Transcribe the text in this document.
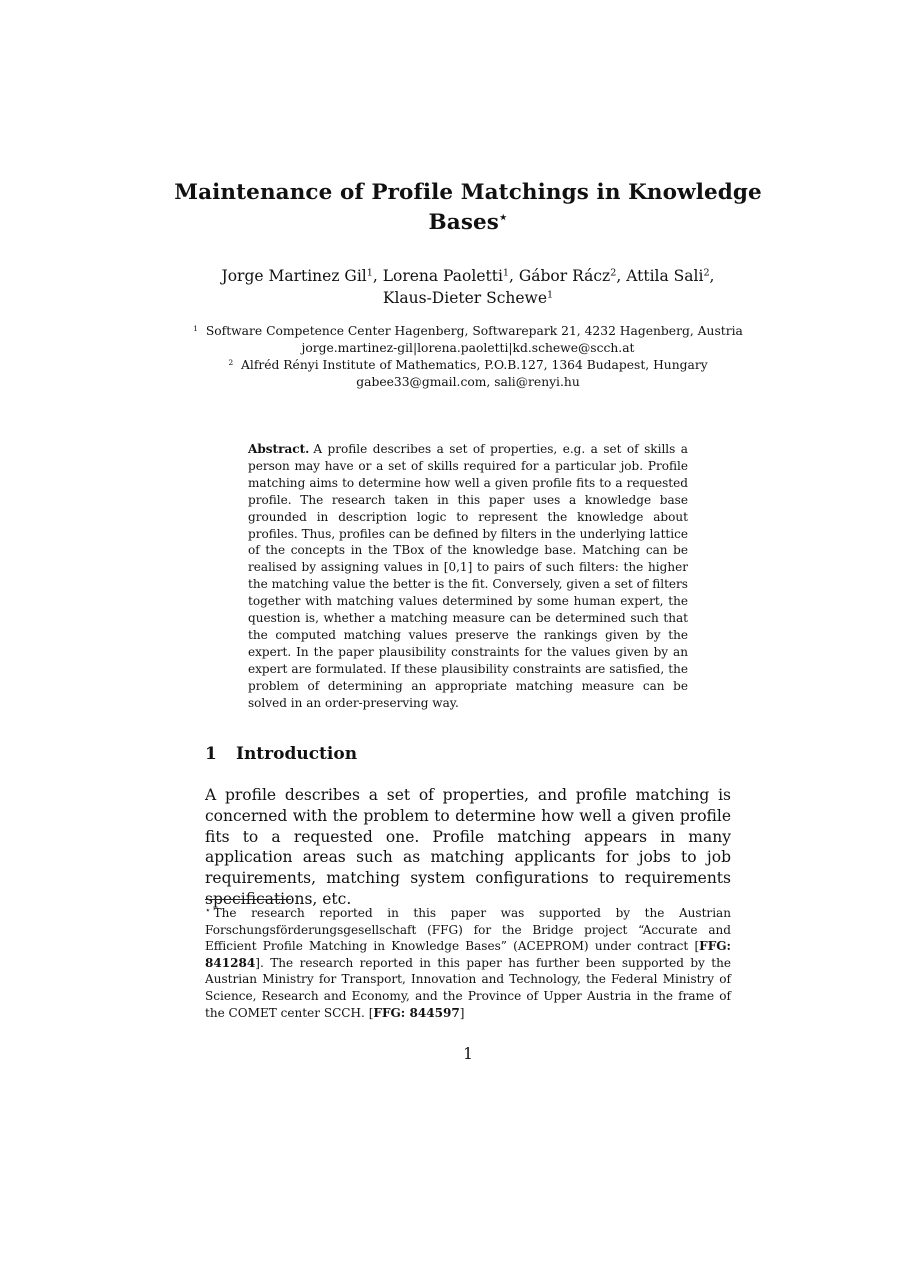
Maintenance of Profile Matchings in Knowledge Bases⋆
Jorge Martinez Gil$^1$, Lorena Paoletti$^1$, Gábor Rácz$^2$, Attila Sali$^2$,
Klaus-Dieter Schewe$^1$
$^1$ Software Competence Center Hagenberg, Softwarepark 21, 4232 Hagenberg, Austria
jorge.martinez-gil|lorena.paoletti|kd.schewe@scch.at
$^2$ Alfréd Rényi Institute of Mathematics, P.O.B.127, 1364 Budapest, Hungary
gabee33@gmail.com, sali@renyi.hu
Abstract. A profile describes a set of properties, e.g. a set of skills a person may have or a set of skills required for a particular job. Profile matching aims to determine how well a given profile fits to a requested profile. The research taken in this paper uses a knowledge base grounded in description logic to represent the knowledge about profiles. Thus, profiles can be defined by filters in the underlying lattice of the concepts in the TBox of the knowledge base. Matching can be realised by assigning values in [0,1] to pairs of such filters: the higher the matching value the better is the fit. Conversely, given a set of filters together with matching values determined by some human expert, the question is, whether a matching measure can be determined such that the computed matching values preserve the rankings given by the expert. In the paper plausibility constraints for the values given by an expert are formulated. If these plausibility constraints are satisfied, the problem of determining an appropriate matching measure can be solved in an order-preserving way.
1 Introduction
A profile describes a set of properties, and profile matching is concerned with the problem to determine how well a given profile fits to a requested one. Profile matching appears in many application areas such as matching applicants for jobs to job requirements, matching system configurations to requirements specifications, etc.
⋆ The research reported in this paper was supported by the Austrian Forschungsförderungsgesellschaft (FFG) for the Bridge project “Accurate and Efficient Profile Matching in Knowledge Bases” (ACEPROM) under contract [FFG: 841284]. The research reported in this paper has further been supported by the Austrian Ministry for Transport, Innovation and Technology, the Federal Ministry of Science, Research and Economy, and the Province of Upper Austria in the frame of the COMET center SCCH. [FFG: 844597]
1
